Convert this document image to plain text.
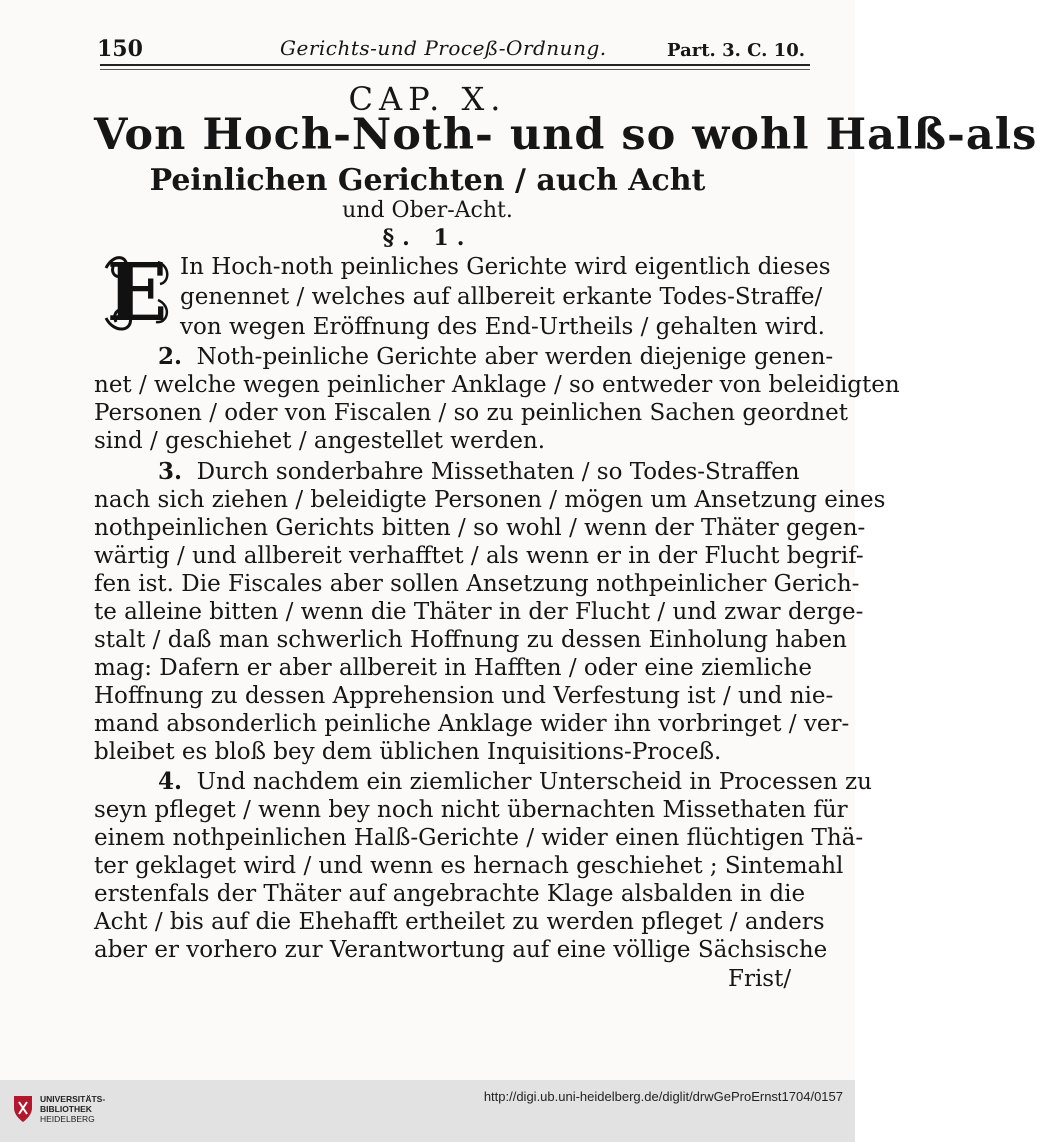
150	Gerichts-und Proceß-Ordnung.	Part. 3. C. 10.
CAP. X.
Von Hoch-Noth- und so wohl Halß-als
Peinlichen Gerichten / auch Acht
und Ober-Acht.
§. 1.
E In Hoch-noth peinliches Gerichte wird eigentlich dieses
genennet / welches auf allbereit erkante Todes-Straffe/
von wegen Eröffnung des End-Urtheils / gehalten wird.
2. Noth-peinliche Gerichte aber werden diejenige genen-
net / welche wegen peinlicher Anklage / so entweder von beleidigten
Personen / oder von Fiscalen / so zu peinlichen Sachen geordnet
sind / geschiehet / angestellet werden.
3. Durch sonderbahre Missethaten / so Todes-Straffen
nach sich ziehen / beleidigte Personen / mögen um Ansetzung eines
nothpeinlichen Gerichts bitten / so wohl / wenn der Thäter gegen-
wärtig / und allbereit verhafftet / als wenn er in der Flucht begrif-
fen ist. Die Fiscales aber sollen Ansetzung nothpeinlicher Gerich-
te alleine bitten / wenn die Thäter in der Flucht / und zwar derge-
stalt / daß man schwerlich Hoffnung zu dessen Einholung haben
mag: Dafern er aber allbereit in Hafften / oder eine ziemliche
Hoffnung zu dessen Apprehension und Verfestung ist / und nie-
mand absonderlich peinliche Anklage wider ihn vorbringet / ver-
bleibet es bloß bey dem üblichen Inquisitions-Proceß.
4. Und nachdem ein ziemlicher Unterscheid in Processen zu
seyn pfleget / wenn bey noch nicht übernachten Missethaten für
einem nothpeinlichen Halß-Gerichte / wider einen flüchtigen Thä-
ter geklaget wird / und wenn es hernach geschiehet ; Sintemahl
erstenfals der Thäter auf angebrachte Klage alsbalden in die
Acht / bis auf die Ehehafft ertheilet zu werden pfleget / anders
aber er vorhero zur Verantwortung auf eine völlige Sächsische
Frist/
UNIVERSITÄTS-
BIBLIOTHEK
HEIDELBERG
http://digi.ub.uni-heidelberg.de/diglit/drwGeProErnst1704/0157
